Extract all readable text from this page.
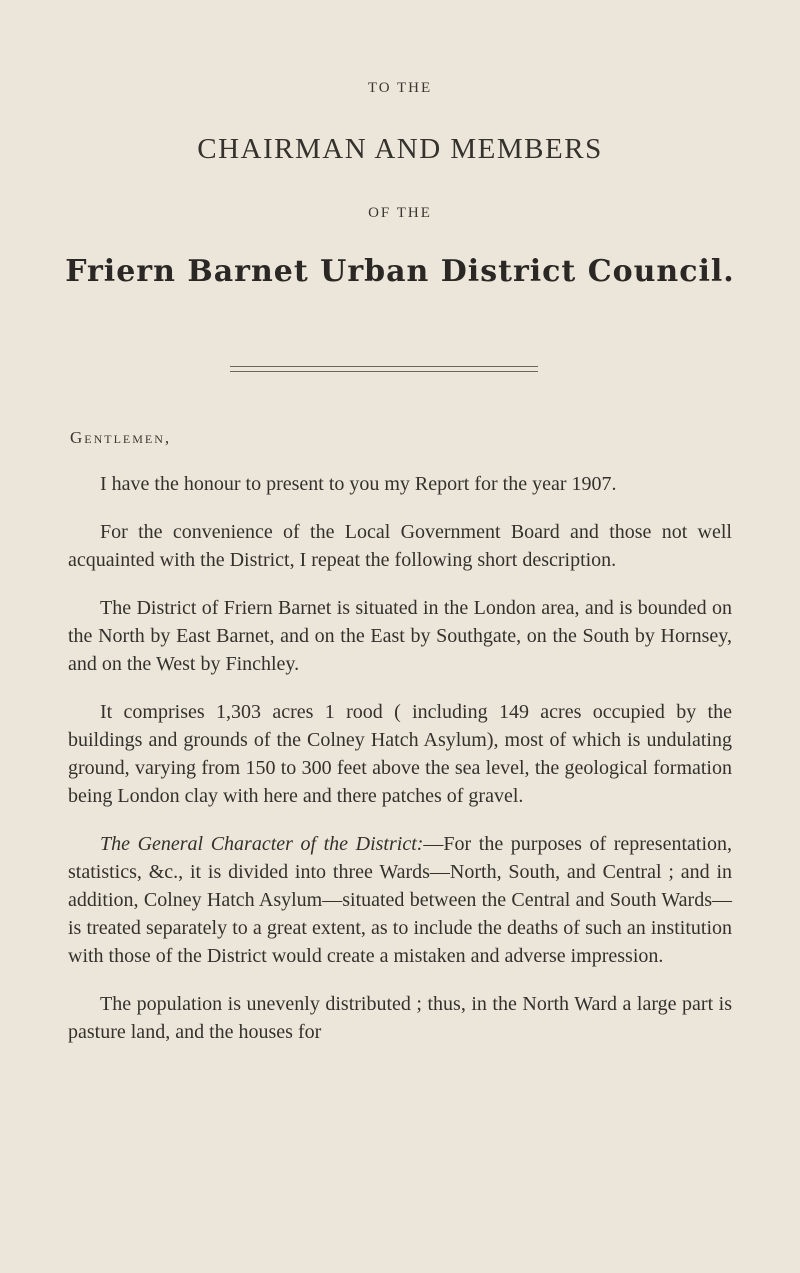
TO THE
CHAIRMAN AND MEMBERS
OF THE
Friern Barnet Urban District Council.
Gentlemen,

I have the honour to present to you my Report for the year 1907.

For the convenience of the Local Government Board and those not well acquainted with the District, I repeat the following short description.

The District of Friern Barnet is situated in the London area, and is bounded on the North by East Barnet, and on the East by Southgate, on the South by Hornsey, and on the West by Finchley.

It comprises 1,303 acres 1 rood ( including 149 acres occupied by the buildings and grounds of the Colney Hatch Asylum), most of which is undulating ground, varying from 150 to 300 feet above the sea level, the geological formation being London clay with here and there patches of gravel.

The General Character of the District:—For the purposes of representation, statistics, &c., it is divided into three Wards—North, South, and Central ; and in addition, Colney Hatch Asylum—situated between the Central and South Wards—is treated separately to a great extent, as to include the deaths of such an institution with those of the District would create a mistaken and adverse impression.

The population is unevenly distributed ; thus, in the North Ward a large part is pasture land, and the houses for
